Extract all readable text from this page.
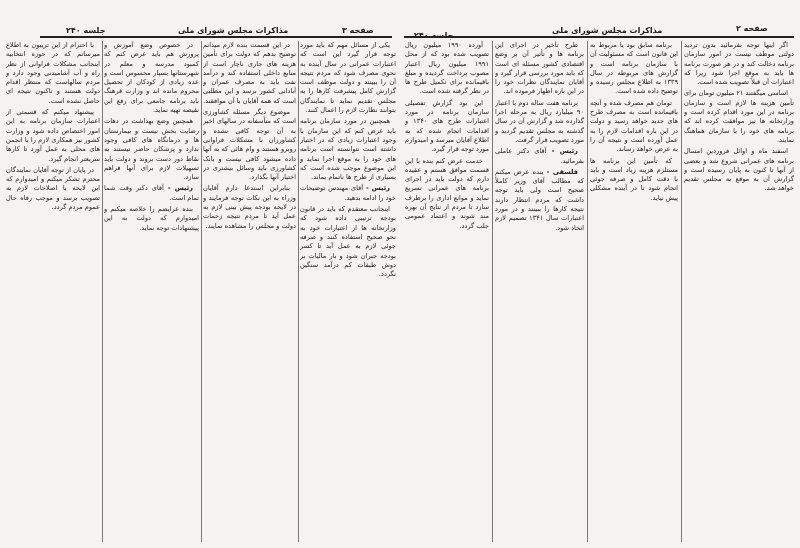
جلسه ۲۴۰	مذاکرات مجلس شورای ملی	صفحه ۳

یکی از مسائل مهم که باید مورد توجه قرار گیرد این است که اعتبارات عمرانی در سال آینده به نحوی مصرف شود که مردم نتیجه آن را ببینند و دولت موظف است گزارش کامل پیشرفت کارها را به مجلس تقدیم نماید تا نمایندگان بتوانند نظارت لازم را اعمال کنند.

همچنین در مورد سازمان برنامه باید عرض کنم که این سازمان با وجود اعتبارات زیادی که در اختیار داشته است نتوانسته است برنامه های خود را به موقع اجرا نماید و این موضوع موجب شده است که بسیاری از طرح ها ناتمام بماند.

رئیس - آقای مهندس توضیحات خود را ادامه بدهید.

اینجانب معتقدم که باید در قانون بودجه ترتیبی داده شود که وزارتخانه ها از اعتبارات خود به نحو صحیح استفاده کنند و صرفه جوئی لازم به عمل آید تا کسر بودجه جبران شود و بار مالیات بر دوش طبقات کم درآمد سنگین نگردد.

در این قسمت بنده لازم میدانم توضیح بدهم که دولت برای تأمین هزینه های جاری ناچار است از منابع داخلی استفاده کند و درآمد نفت باید به مصرف عمران و آبادانی کشور برسد و این مطلبی است که همه آقایان با آن موافقند.

موضوع دیگر مسئله کشاورزی است که متأسفانه در سالهای اخیر به آن توجه کافی نشده و کشاورزان با مشکلات فراوانی روبرو هستند و وام هائی که به آنها داده میشود کافی نیست و بانک کشاورزی باید وسائل بیشتری در اختیار آنها بگذارد.

بنابراین استدعا دارم آقایان وزراء به این نکات توجه فرمایند و در لایحه بودجه پیش بینی لازم به عمل آید تا مردم نتیجه زحمات دولت و مجلس را مشاهده نمایند.

در خصوص وضع آموزش و پرورش هم باید عرض کنم که کمبود مدرسه و معلم در شهرستانها بسیار محسوس است و عده زیادی از کودکان از تحصیل محروم مانده اند و وزارت فرهنگ باید برنامه جامعی برای رفع این نقیصه تهیه نماید.

همچنین وضع بهداشت در دهات رضایت بخش نیست و بیمارستان ها و درمانگاه های کافی وجود ندارد و پزشکان حاضر نیستند به نقاط دور دست بروند و دولت باید تسهیلات لازم برای آنها فراهم سازد.

رئیس - آقای دکتر وقت شما تمام است.

بنده عرایضم را خلاصه میکنم و امیدوارم که دولت به این پیشنهادات توجه نماید.

با احترام از این تریبون به اطلاع میرسانم که در حوزه انتخابیه اینجانب مشکلات فراوانی از نظر راه و آب آشامیدنی وجود دارد و مردم سالهاست که منتظر اقدام دولت هستند و تاکنون نتیجه ای حاصل نشده است.

پیشنهاد میکنم که قسمتی از اعتبارات سازمان برنامه به این امور اختصاص داده شود و وزارت کشور نیز همکاری لازم را با انجمن های محلی به عمل آورد تا کارها سریعتر انجام گیرد.

در پایان از توجه آقایان نمایندگان محترم تشکر میکنم و امیدوارم که این لایحه با اصلاحات لازم به تصویب برسد و موجب رفاه حال عموم مردم گردد.

مذاکرات مجلس شورای ملی	صفحه ۲

اگر اینها توجه بفرمائید بدون تردید دولتی موظف نیست در امور سازمان برنامه دخالت کند و در هر صورت برنامه ها باید به موقع اجرا شود زیرا که اعتبارات آن قبلاً تصویب شده است.

اساسی میگفتند ۲۱ میلیون تومان برای تأمین هزینه ها لازم است و سازمان برنامه در این مورد اقدام کرده است و وزارتخانه ها نیز موافقت کرده اند که برنامه های خود را با سازمان هماهنگ نمایند.

اسفند ماه و اوائل فروردین امسال برنامه های عمرانی شروع شد و بعضی از آنها تا کنون به پایان رسیده است و گزارش آن به موقع به مجلس تقدیم خواهد شد.

برنامه سابق بود یا مربوط به این قانون است که مسئولیت آن با سازمان برنامه است و گزارش های مربوطه در سال ۱۳۳۹ به اطلاع مجلس رسیده و توضیح داده شده است.

تومان هم مصرف شده و آنچه باقیمانده است به مصرف طرح های جدید خواهد رسید و دولت در این باره اقدامات لازم را به عمل آورده است و نتیجه آن را به عرض خواهد رساند.

که تأمین این برنامه ها مستلزم هزینه زیاد است و باید با دقت کامل و صرفه جوئی انجام شود تا در آینده مشکلی پیش نیاید.

طرح تأخیر در اجرای این برنامه ها و تأثیر آن بر وضع اقتصادی کشور مسئله ای است که باید مورد بررسی قرار گیرد و آقایان نمایندگان نظرات خود را در این باره اظهار فرموده اند.

برنامه هفت ساله دوم با اعتبار ۹۰ میلیارد ریال به مرحله اجرا گذارده شد و گزارش آن در سال گذشته به مجلس تقدیم گردید و مورد تصویب قرار گرفت.

رئیس - آقای دکتر عاملی بفرمائید.

فلسفی - بنده عرض میکنم که مطالب آقای وزیر کاملاً صحیح است ولی باید توجه داشت که مردم انتظار دارند نتیجه کارها را ببینند و در مورد اعتبارات سال ۱۳۴۱ تصمیم لازم اتخاذ شود.

آورده ۱۹۹۰ میلیون ریال تصویب شده بود که از محل ۱۹۹۱ میلیون ریال اعتبار مصوب پرداخت گردیده و مبلغ باقیمانده برای تکمیل طرح ها در نظر گرفته شده است.

این بود گزارش تفصیلی سازمان برنامه در مورد اعتبارات طرح های ۱۳۴۰ و اقدامات انجام شده که به اطلاع آقایان میرسد و امیدوارم مورد توجه قرار گیرد.

خدمت عرض کنم بنده با این قسمت موافق هستم و عقیده دارم که دولت باید در اجرای برنامه های عمرانی تسریع نماید و موانع اداری را برطرف سازد تا مردم از نتایج آن بهره مند شوند و اعتماد عمومی جلب گردد.
